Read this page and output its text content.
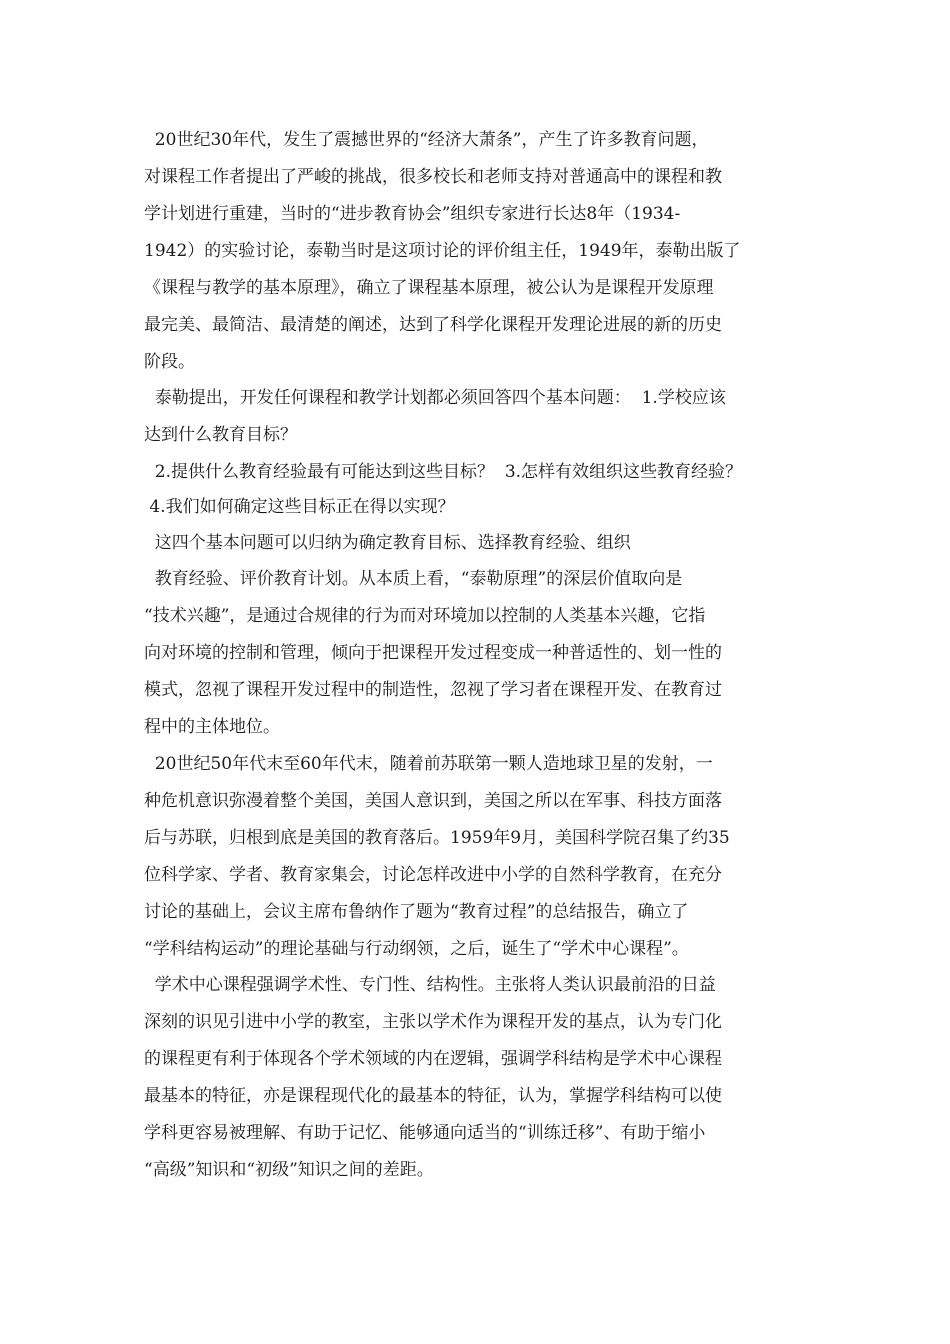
20世纪30年代，发生了震撼世界的“经济大萧条”，产生了许多教育问题，
对课程工作者提出了严峻的挑战，很多校长和老师支持对普通高中的课程和教
学计划进行重建，当时的“进步教育协会”组织专家进行长达8年（1934-
1942）的实验讨论，泰勒当时是这项讨论的评价组主任，1949年，泰勒出版了
《课程与教学的基本原理》，确立了课程基本原理，被公认为是课程开发原理
最完美、最简洁、最清楚的阐述，达到了科学化课程开发理论进展的新的历史
阶段。
泰勒提出，开发任何课程和教学计划都必须回答四个基本问题：  1.学校应该
达到什么教育目标？
2.提供什么教育经验最有可能达到这些目标？  3.怎样有效组织这些教育经验？
4.我们如何确定这些目标正在得以实现？
这四个基本问题可以归纳为确定教育目标、选择教育经验、组织
教育经验、评价教育计划。从本质上看，“泰勒原理”的深层价值取向是
“技术兴趣”，是通过合规律的行为而对环境加以控制的人类基本兴趣，它指
向对环境的控制和管理，倾向于把课程开发过程变成一种普适性的、划一性的
模式，忽视了课程开发过程中的制造性，忽视了学习者在课程开发、在教育过
程中的主体地位。
20世纪50年代末至60年代末，随着前苏联第一颗人造地球卫星的发射，一
种危机意识弥漫着整个美国，美国人意识到，美国之所以在军事、科技方面落
后与苏联，归根到底是美国的教育落后。1959年9月，美国科学院召集了约35
位科学家、学者、教育家集会，讨论怎样改进中小学的自然科学教育，在充分
讨论的基础上，会议主席布鲁纳作了题为“教育过程”的总结报告，确立了
“学科结构运动”的理论基础与行动纲领，之后，诞生了“学术中心课程”。
学术中心课程强调学术性、专门性、结构性。主张将人类认识最前沿的日益
深刻的识见引进中小学的教室，主张以学术作为课程开发的基点，认为专门化
的课程更有利于体现各个学术领域的内在逻辑，强调学科结构是学术中心课程
最基本的特征，亦是课程现代化的最基本的特征，认为，掌握学科结构可以使
学科更容易被理解、有助于记忆、能够通向适当的“训练迁移”、有助于缩小
“高级”知识和“初级”知识之间的差距。
